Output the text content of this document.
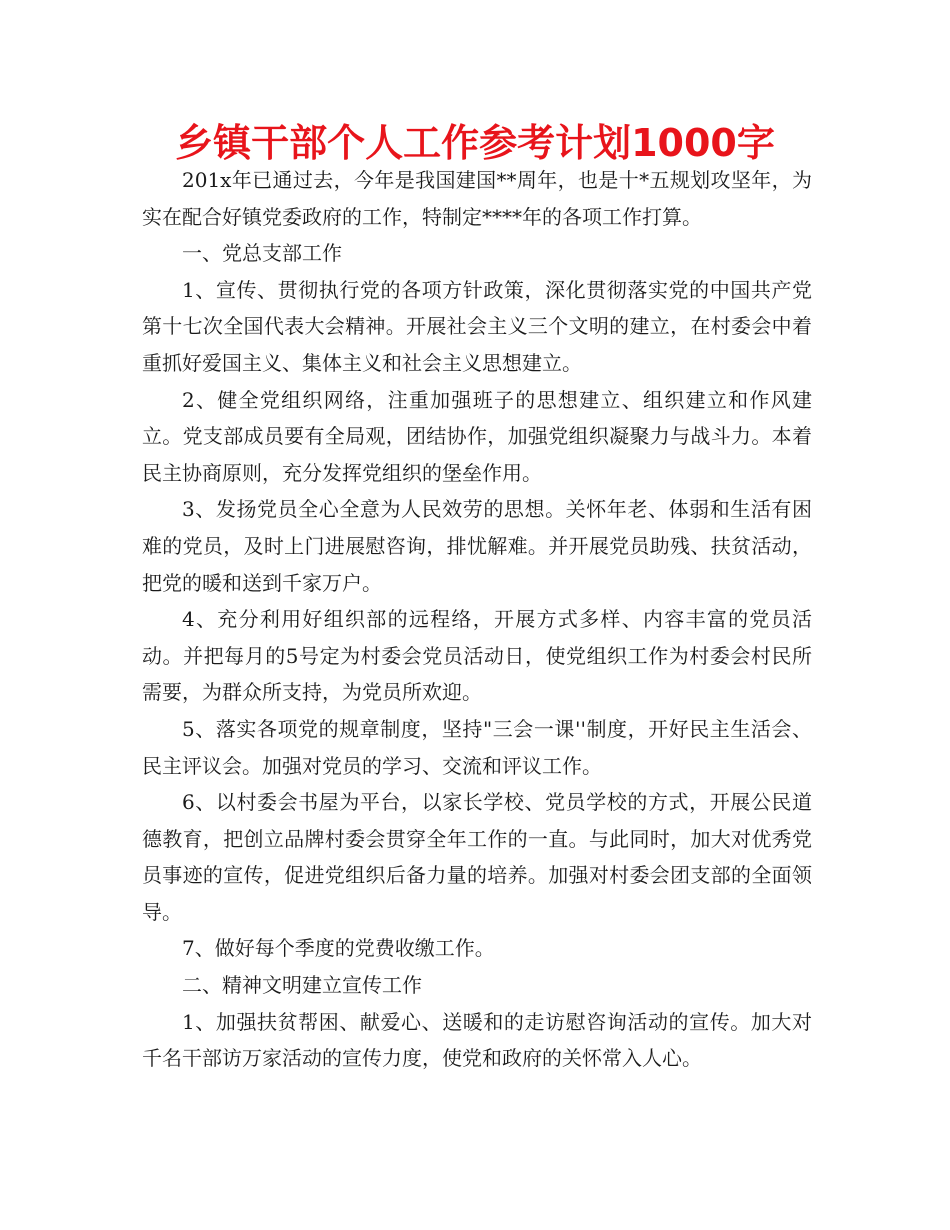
乡镇干部个人工作参考计划1000字

201x年已通过去，今年是我国建国**周年，也是十*五规划攻坚年，为实在配合好镇党委政府的工作，特制定****年的各项工作打算。

一、党总支部工作

1、宣传、贯彻执行党的各项方针政策，深化贯彻落实党的中国共产党第十七次全国代表大会精神。开展社会主义三个文明的建立，在村委会中着重抓好爱国主义、集体主义和社会主义思想建立。

2、健全党组织网络，注重加强班子的思想建立、组织建立和作风建立。党支部成员要有全局观，团结协作，加强党组织凝聚力与战斗力。本着民主协商原则，充分发挥党组织的堡垒作用。

3、发扬党员全心全意为人民效劳的思想。关怀年老、体弱和生活有困难的党员，及时上门进展慰咨询，排忧解难。并开展党员助残、扶贫活动，把党的暖和送到千家万户。

4、充分利用好组织部的远程络，开展方式多样、内容丰富的党员活动。并把每月的5号定为村委会党员活动日，使党组织工作为村委会村民所需要，为群众所支持，为党员所欢迎。

5、落实各项党的规章制度，坚持"三会一课''制度，开好民主生活会、民主评议会。加强对党员的学习、交流和评议工作。

6、以村委会书屋为平台，以家长学校、党员学校的方式，开展公民道德教育，把创立品牌村委会贯穿全年工作的一直。与此同时，加大对优秀党员事迹的宣传，促进党组织后备力量的培养。加强对村委会团支部的全面领导。

7、做好每个季度的党费收缴工作。

二、精神文明建立宣传工作

1、加强扶贫帮困、献爱心、送暖和的走访慰咨询活动的宣传。加大对千名干部访万家活动的宣传力度，使党和政府的关怀常入人心。
